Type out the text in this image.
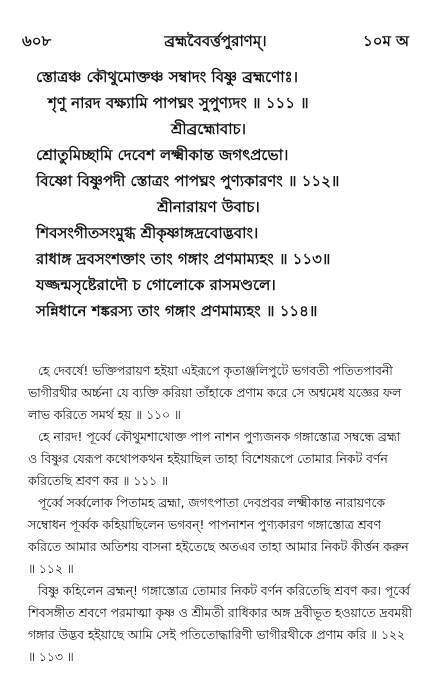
৬০৮	ব্রহ্মবৈবর্ত্তপুরাণম্।	১০ম অ
স্তোত্রঞ্চ কৌথুমোক্তঞ্চ সম্বাদং বিষ্ণু ব্রহ্মণোঃ।
শৃণু নারদ বক্ষ্যামি পাপঘ্নং সুপুণ্যদং ॥ ১১১ ॥
শ্রীব্রহ্মোবাচ।
শ্রোতুমিচ্ছামি দেবেশ লক্ষ্মীকান্ত জগৎপ্রভো।
বিষ্ণো বিষ্ণুপদী স্তোত্রং পাপঘ্নং পুণ্যকারণং ॥ ১১২॥
শ্রীনারায়ণ উবাচ।
শিবসংগীতসংমুগ্ধ শ্রীকৃষ্ণাঙ্গদ্রবোদ্ভবাং।
রাধাঙ্গ দ্রবসংশক্তাং তাং গঙ্গাং প্রণমাম্যহং ॥ ১১৩॥
যজ্জন্মসৃষ্টেরাদৌ চ গোলোকে রাসমণ্ডলে।
সন্নিধানে শঙ্করস্য তাং গঙ্গাং প্রণমাম্যহং ॥ ১১৪॥

হে দেবর্ষে! ভক্তিপরায়ণ হইয়া এইরূপে কৃতাঞ্জলিপুটে ভগবতী পতিতপাবনী ভাগীরথীর অর্চ্চনা যে ব্যক্তি করিয়া তাঁহাকে প্রণাম করে সে অশ্বমেধ যজ্ঞের ফল লাভ করিতে সমর্থ হয় ॥ ১১০ ॥

হে নারদ! পূর্ব্বে কৌথুমশাখোক্ত পাপ নাশন পুণ্যজনক গঙ্গাস্তোত্র সম্বন্ধে ব্রহ্মা ও বিষ্ণুর যেরূপ কথোপকথন হইয়াছিল তাহা বিশেষরূপে তোমার নিকট বর্ণন করিতেছি শ্রবণ কর ॥ ১১১ ॥

পূর্ব্বে সর্ব্বলোক পিতামহ ব্রহ্মা, জগৎপাতা দেবপ্রবর লক্ষ্মীকান্ত নারায়ণকে সম্বোধন পূর্ব্বক কহিয়াছিলেন ভগবন্! পাপনাশন পুণ্যকারণ গঙ্গাস্তোত্র শ্রবণ করিতে আমার অতিশয় বাসনা হইতেছে অতএব তাহা আমার নিকট কীর্ত্তন করুন ॥ ১১২ ॥

বিষ্ণু কহিলেন ব্রহ্মন্! গঙ্গাস্তোত্র তোমার নিকট বর্ণন করিতেছি শ্রবণ কর। পূর্ব্বে শিবসঙ্গীত শ্রবণে পরমাত্মা কৃষ্ণ ও শ্রীমতী রাধিকার অঙ্গ দ্রবীভূত হওয়াতে দ্রবময়ী গঙ্গার উদ্ভব হইয়াছে আমি সেই পতিতোদ্ধারিণী ভাগীরথীকে প্রণাম করি ॥ ১২২ ॥ ১১৩ ॥
